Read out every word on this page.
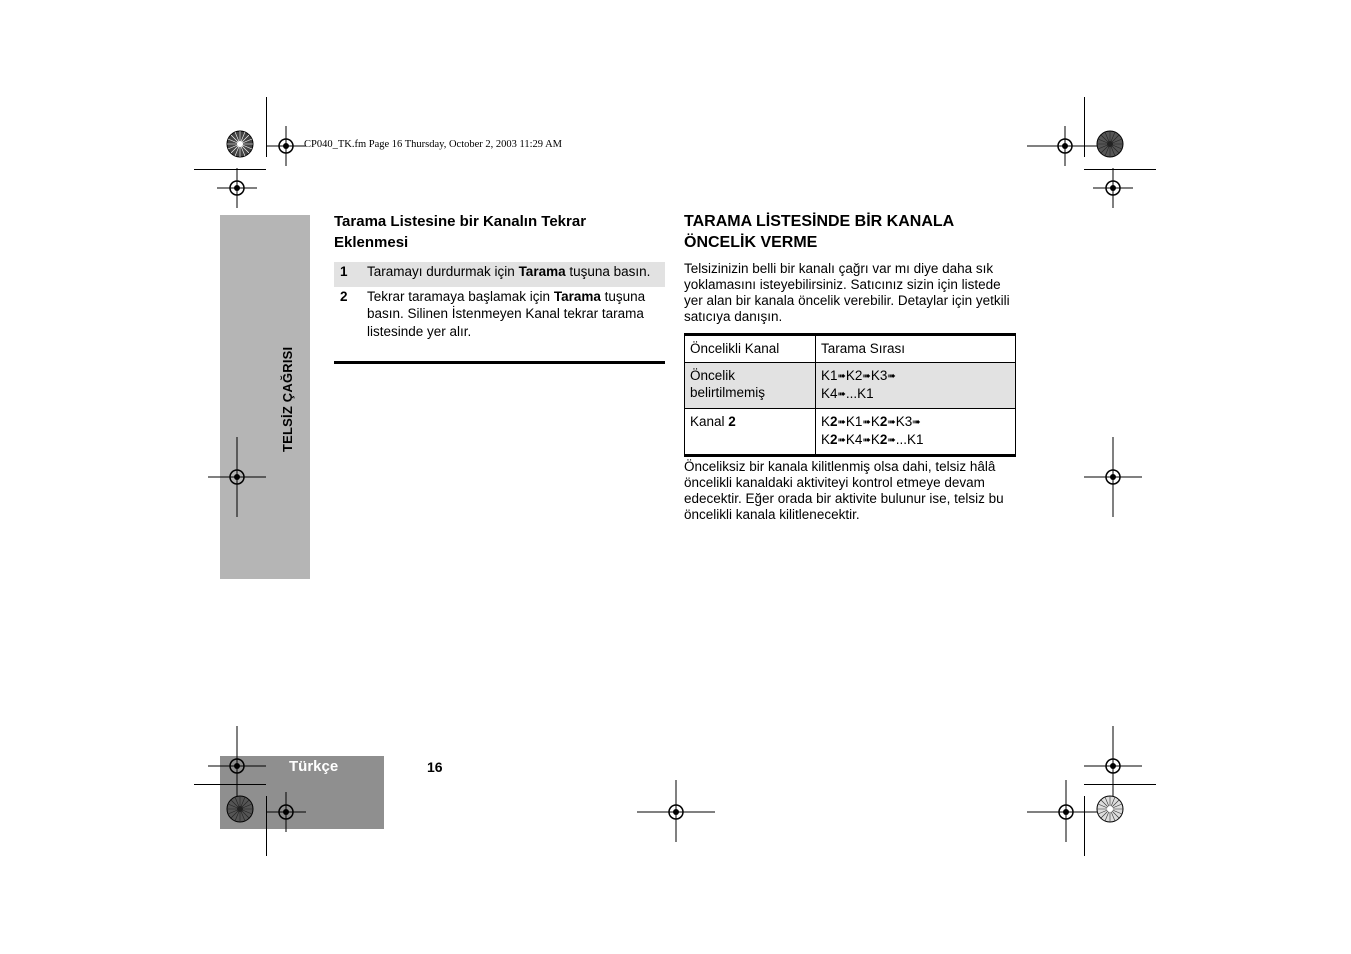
TELSİZ ÇAĞRISI
Türkçe	16
CP040_TK.fm Page 16 Thursday, October 2, 2003 11:29 AM
Tarama Listesine bir Kanalın Tekrar Eklenmesi
1	Taramayı durdurmak için Tarama tuşuna basın.
2	Tekrar taramaya başlamak için Tarama tuşuna basın. Silinen İstenmeyen Kanal tekrar tarama listesinde yer alır.
TARAMA LİSTESİNDE BİR KANALA ÖNCELİK VERME
Telsizinizin belli bir kanalı çağrı var mı diye daha sık yoklamasını isteyebilirsiniz. Satıcınız sizin için listede yer alan bir kanala öncelik verebilir. Detaylar için yetkili satıcıya danışın.
Öncelikli Kanal	Tarama Sırası
Öncelik belirtilmemiş	K1➠K2➠K3➠
K4➠...K1
Kanal 2	K2➠K1➠K2➠K3➠
K2➠K4➠K2➠...K1
Önceliksiz bir kanala kilitlenmiş olsa dahi, telsiz hâlâ öncelikli kanaldaki aktiviteyi kontrol etmeye devam edecektir. Eğer orada bir aktivite bulunur ise, telsiz bu öncelikli kanala kilitlenecektir.
